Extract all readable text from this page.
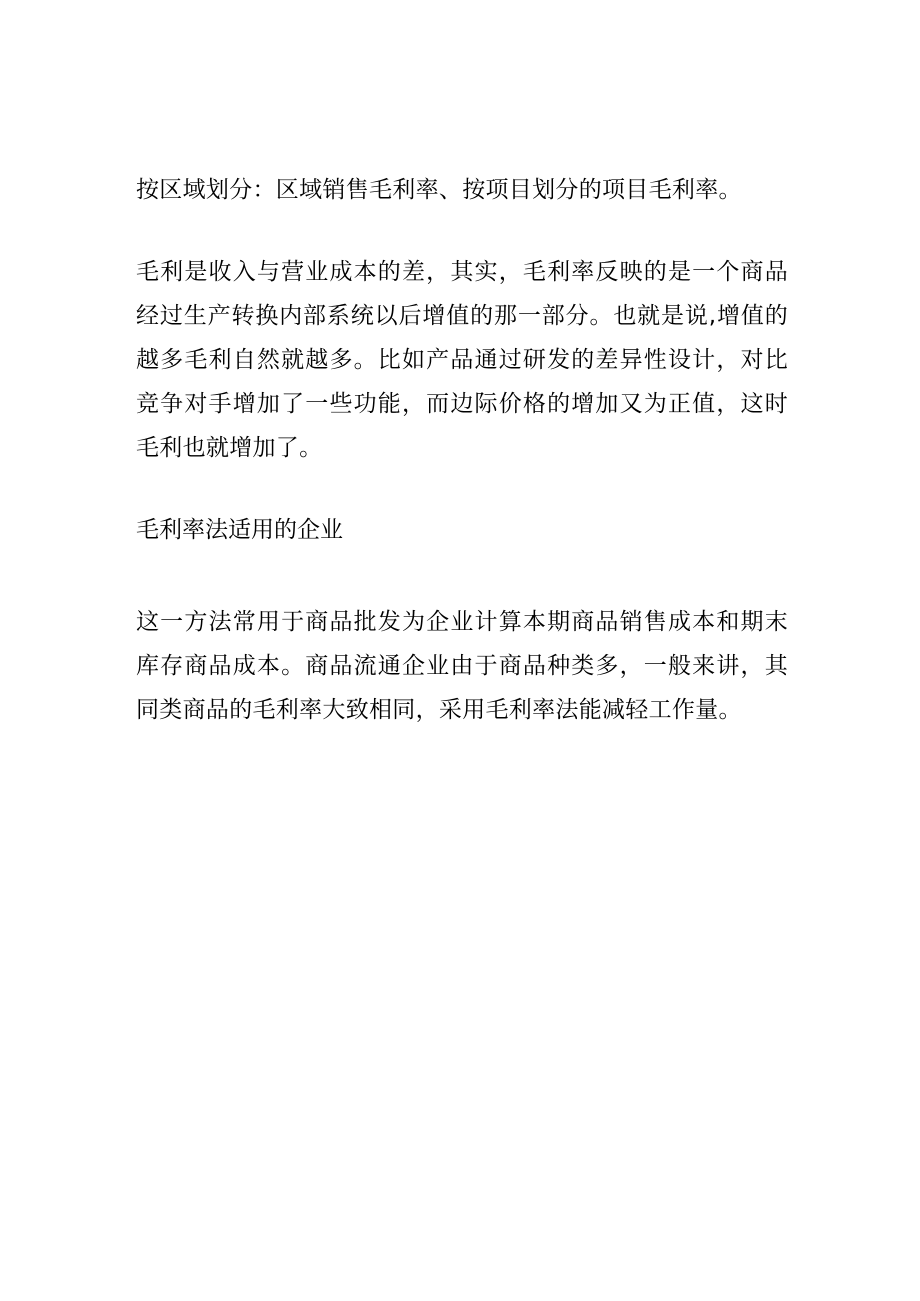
按区域划分：区域销售毛利率、按项目划分的项目毛利率。

毛利是收入与营业成本的差，其实，毛利率反映的是一个商品经过生产转换内部系统以后增值的那一部分。也就是说,增值的越多毛利自然就越多。比如产品通过研发的差异性设计，对比竞争对手增加了一些功能，而边际价格的增加又为正值，这时毛利也就增加了。

毛利率法适用的企业

这一方法常用于商品批发为企业计算本期商品销售成本和期末库存商品成本。商品流通企业由于商品种类多，一般来讲，其同类商品的毛利率大致相同，采用毛利率法能减轻工作量。
